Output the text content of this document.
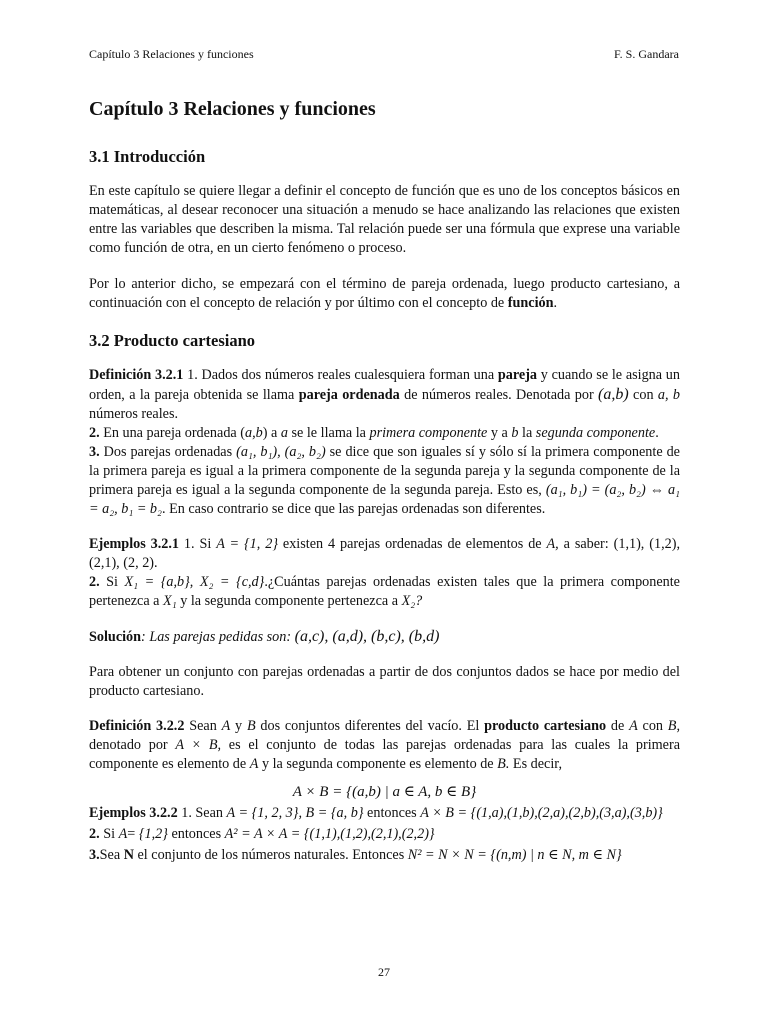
Capítulo 3 Relaciones y funciones	F. S. Gandara
Capítulo 3 Relaciones y funciones
3.1 Introducción

En este capítulo se quiere llegar a definir el concepto de función que es uno de los conceptos básicos en matemáticas, al desear reconocer una situación a menudo se hace analizando las relaciones que existen entre las variables que describen la misma. Tal relación puede ser una fórmula que exprese una variable como función de otra, en un cierto fenómeno o proceso.

Por lo anterior dicho, se empezará con el término de pareja ordenada, luego producto cartesiano, a continuación con el concepto de relación y por último con el concepto de función.

3.2 Producto cartesiano

Definición 3.2.1 1. Dados dos números reales cualesquiera forman una pareja y cuando se le asigna un orden, a la pareja obtenida se llama pareja ordenada de números reales. Denotada por (a,b) con a, b números reales.
2. En una pareja ordenada (a,b) a a se le llama la primera componente y a b la segunda componente.
3. Dos parejas ordenadas (a₁, b₁), (a₂, b₂) se dice que son iguales sí y sólo sí la primera componente de la primera pareja es igual a la primera componente de la segunda pareja y la segunda componente de la primera pareja es igual a la segunda componente de la segunda pareja. Esto es, (a₁, b₁) = (a₂, b₂) ⇔ a₁ = a₂, b₁ = b₂. En caso contrario se dice que las parejas ordenadas son diferentes.

Ejemplos 3.2.1 1. Si A = {1, 2} existen 4 parejas ordenadas de elementos de A, a saber: (1,1), (1,2), (2,1), (2, 2).
2. Si X₁ = {a,b}, X₂ = {c,d}.¿Cuántas parejas ordenadas existen tales que la primera componente pertenezca a X₁ y la segunda componente pertenezca a X₂?

Solución: Las parejas pedidas son: (a,c), (a,d), (b,c), (b,d)

Para obtener un conjunto con parejas ordenadas a partir de dos conjuntos dados se hace por medio del producto cartesiano.

Definición 3.2.2 Sean A y B dos conjuntos diferentes del vacío. El producto cartesiano de A con B, denotado por A × B, es el conjunto de todas las parejas ordenadas para las cuales la primera componente es elemento de A y la segunda componente es elemento de B. Es decir,

A × B = {(a,b) | a ∈ A, b ∈ B}

Ejemplos 3.2.2 1. Sean A = {1, 2, 3}, B = {a, b} entonces A × B = {(1,a),(1,b),(2,a),(2,b),(3,a),(3,b)}
2. Si A= {1,2} entonces A² = A × A = {(1,1),(1,2),(2,1),(2,2)}
3.Sea N el conjunto de los números naturales. Entonces N² = N × N = {(n,m) | n ∈ N, m ∈ N}

27
